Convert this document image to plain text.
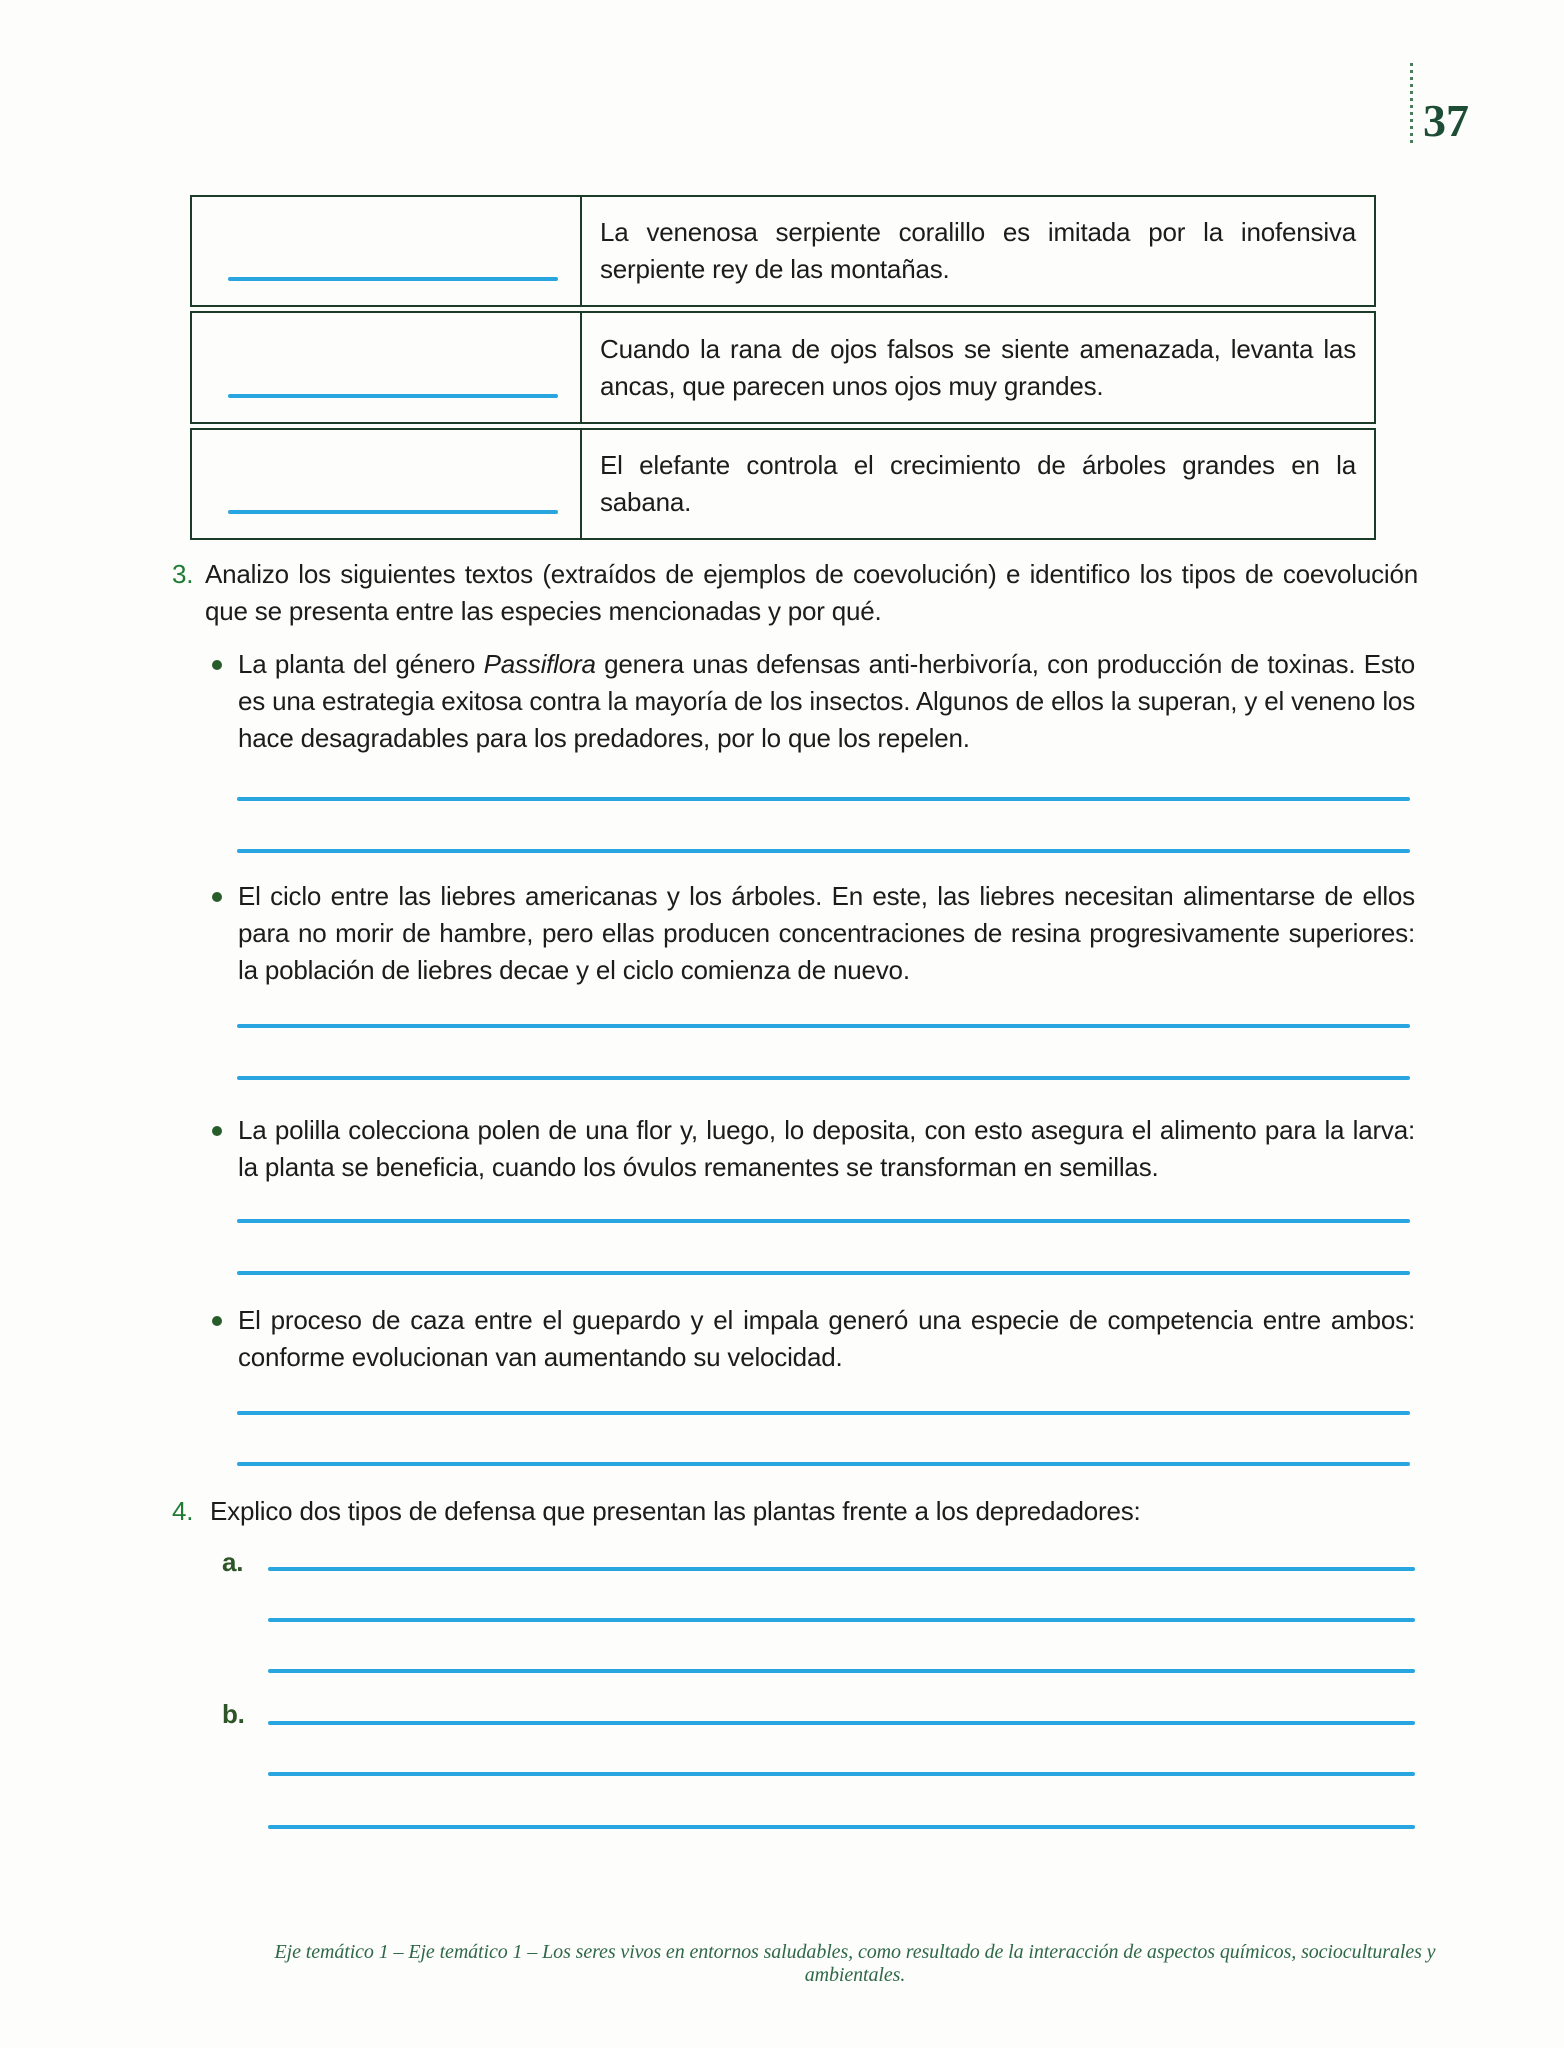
37

La venenosa serpiente coralillo es imitada por la inofensiva serpiente rey de las montañas.

Cuando la rana de ojos falsos se siente amenazada, levanta las ancas, que parecen unos ojos muy grandes.

El elefante controla el crecimiento de árboles grandes en la sabana.

3. Analizo los siguientes textos (extraídos de ejemplos de coevolución) e identifico los tipos de coevolución que se presenta entre las especies mencionadas y por qué.
La planta del género Passiflora genera unas defensas anti-herbivoría, con producción de toxinas. Esto es una estrategia exitosa contra la mayoría de los insectos. Algunos de ellos la superan, y el veneno los hace desagradables para los predadores, por lo que los repelen.
El ciclo entre las liebres americanas y los árboles. En este, las liebres necesitan alimentarse de ellos para no morir de hambre, pero ellas producen concentraciones de resina progresivamente superiores: la población de liebres decae y el ciclo comienza de nuevo.
La polilla colecciona polen de una flor y, luego, lo deposita, con esto asegura el alimento para la larva: la planta se beneficia, cuando los óvulos remanentes se transforman en semillas.
El proceso de caza entre el guepardo y el impala generó una especie de competencia entre ambos: conforme evolucionan van aumentando su velocidad.
4. Explico dos tipos de defensa que presentan las plantas frente a los depredadores:
a.
b.
Eje temático 1 – Eje temático 1 – Los seres vivos en entornos saludables, como resultado de la interacción de aspectos químicos, socioculturales y ambientales.
